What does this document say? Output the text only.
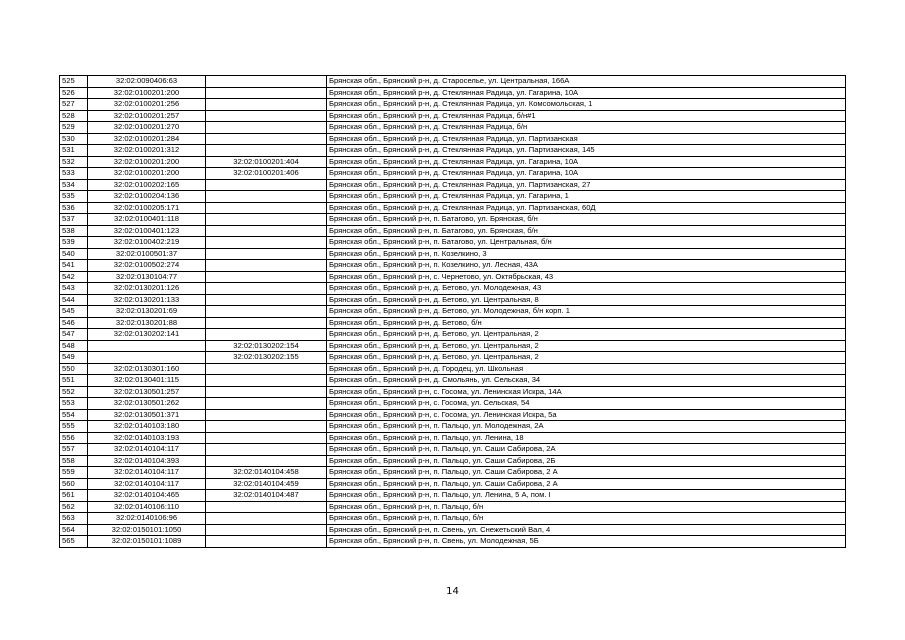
525	32:02:0090406:63		Брянская обл., Брянский р-н, д. Староселье, ул. Центральная, 166А
526	32:02:0100201:200		Брянская обл., Брянский р-н, д. Стеклянная Радица, ул. Гагарина, 10А
527	32:02:0100201:256		Брянская обл., Брянский р-н, д. Стеклянная Радица, ул. Комсомольская, 1
528	32:02:0100201:257		Брянская обл., Брянский р-н, д. Стеклянная Радица, б/н#1
529	32:02:0100201:270		Брянская обл., Брянский р-н, д. Стеклянная Радица, б/н
530	32:02:0100201:284		Брянская обл., Брянский р-н, д. Стеклянная Радица, ул. Партизанская
531	32:02:0100201:312		Брянская обл., Брянский р-н, д. Стеклянная Радица, ул. Партизанская, 145
532	32:02:0100201:200	32:02:0100201:404	Брянская обл., Брянский р-н, д. Стеклянная Радица, ул. Гагарина, 10А
533	32:02:0100201:200	32:02:0100201:406	Брянская обл., Брянский р-н, д. Стеклянная Радица, ул. Гагарина, 10А
534	32:02:0100202:165		Брянская обл., Брянский р-н, д. Стеклянная Радица, ул. Партизанская, 27
535	32:02:0100204:136		Брянская обл., Брянский р-н, д. Стеклянная Радица, ул. Гагарина, 1
536	32:02:0100205:171		Брянская обл., Брянский р-н, д. Стеклянная Радица, ул. Партизанская, 60Д
537	32:02:0100401:118		Брянская обл., Брянский р-н, п. Батагово, ул. Брянская, б/н
538	32:02:0100401:123		Брянская обл., Брянский р-н, п. Батагово, ул. Брянская, б/н
539	32:02:0100402:219		Брянская обл., Брянский р-н, п. Батагово, ул. Центральная, б/н
540	32:02:0100501:37		Брянская обл., Брянский р-н, п. Козелкино, 3
541	32:02:0100502:274		Брянская обл., Брянский р-н, п. Козелкино, ул. Лесная, 43А
542	32:02:0130104:77		Брянская обл., Брянский р-н, с. Чернетово, ул. Октябрьская, 43
543	32:02:0130201:126		Брянская обл., Брянский р-н, д. Бетово, ул. Молодежная, 43
544	32:02:0130201:133		Брянская обл., Брянский р-н, д. Бетово, ул. Центральная, 8
545	32:02:0130201:69		Брянская обл., Брянский р-н, д. Бетово, ул. Молодежная, б/н корп. 1
546	32:02:0130201:88		Брянская обл., Брянский р-н, д. Бетово, б/н
547	32:02:0130202:141		Брянская обл., Брянский р-н, д. Бетово, ул. Центральная, 2
548		32:02:0130202:154	Брянская обл., Брянский р-н, д. Бетово, ул. Центральная, 2
549		32:02:0130202:155	Брянская обл., Брянский р-н, д. Бетово, ул. Центральная, 2
550	32:02:0130301:160		Брянская обл., Брянский р-н, д. Городец, ул. Школьная
551	32:02:0130401:115		Брянская обл., Брянский р-н, д. Смольянь, ул. Сельская, 34
552	32:02:0130501:257		Брянская обл., Брянский р-н, с. Госома, ул. Ленинская Искра, 14А
553	32:02:0130501:262		Брянская обл., Брянский р-н, с. Госома, ул. Сельская, 54
554	32:02:0130501:371		Брянская обл., Брянский р-н, с. Госома, ул. Ленинская Искра, 5а
555	32:02:0140103:180		Брянская обл., Брянский р-н, п. Пальцо, ул. Молодежная, 2А
556	32:02:0140103:193		Брянская обл., Брянский р-н, п. Пальцо, ул. Ленина, 18
557	32:02:0140104:117		Брянская обл., Брянский р-н, п. Пальцо, ул. Саши Сабирова, 2А
558	32:02:0140104:393		Брянская обл., Брянский р-н, п. Пальцо, ул. Саши Сабирова, 2Б
559	32:02:0140104:117	32:02:0140104:458	Брянская обл., Брянский р-н, п. Пальцо, ул. Саши Сабирова, 2 А
560	32:02:0140104:117	32:02:0140104:459	Брянская обл., Брянский р-н, п. Пальцо, ул. Саши Сабирова, 2 А
561	32:02:0140104:465	32:02:0140104:487	Брянская обл., Брянский р-н, п. Пальцо, ул. Ленина, 5 А, пом. I
562	32:02:0140106:110		Брянская обл., Брянский р-н, п. Пальцо, б/н
563	32:02:0140106:96		Брянская обл., Брянский р-н, п. Пальцо, б/н
564	32:02:0150101:1050		Брянская обл., Брянский р-н, п. Свень, ул. Снежетьский Вал, 4
565	32:02:0150101:1089		Брянская обл., Брянский р-н, п. Свень, ул. Молодежная, 5Б
14
